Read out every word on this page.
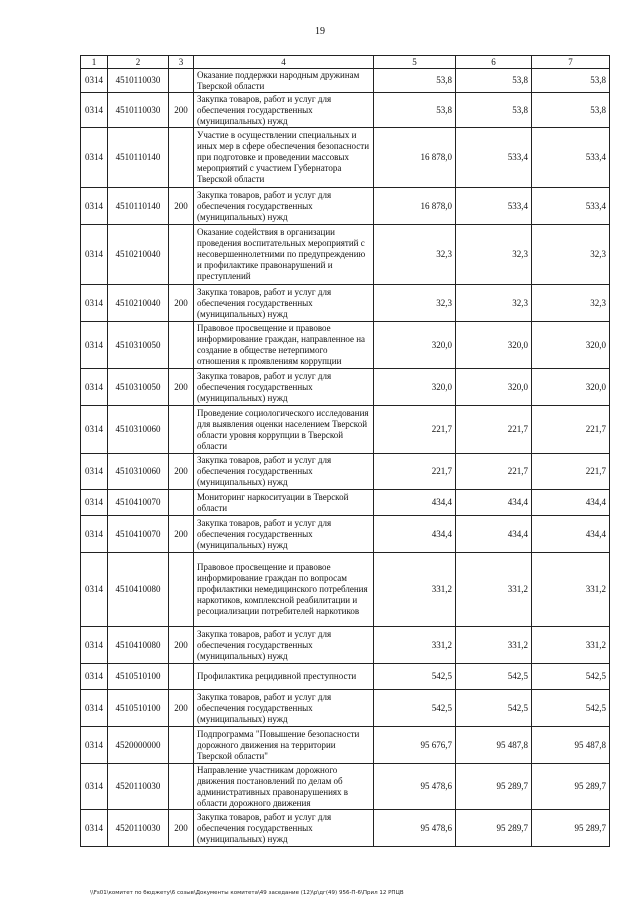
19
1	2	3	4	5	6	7
0314	4510110030		Оказание поддержки народным дружинам Тверской области	53,8	53,8	53,8
0314	4510110030	200	Закупка товаров, работ и услуг для обеспечения государственных (муниципальных) нужд	53,8	53,8	53,8
0314	4510110140		Участие в осуществлении специальных и иных мер в сфере обеспечения безопасности при подготовке и проведении массовых мероприятий с участием Губернатора Тверской области	16 878,0	533,4	533,4
0314	4510110140	200	Закупка товаров, работ и услуг для обеспечения государственных (муниципальных) нужд	16 878,0	533,4	533,4
0314	4510210040		Оказание содействия в организации проведения воспитательных мероприятий с несовершеннолетними по предупреждению и профилактике правонарушений и преступлений	32,3	32,3	32,3
0314	4510210040	200	Закупка товаров, работ и услуг для обеспечения государственных (муниципальных) нужд	32,3	32,3	32,3
0314	4510310050		Правовое просвещение и правовое информирование граждан, направленное на создание в обществе нетерпимого отношения к проявлениям коррупции	320,0	320,0	320,0
0314	4510310050	200	Закупка товаров, работ и услуг для обеспечения государственных (муниципальных) нужд	320,0	320,0	320,0
0314	4510310060		Проведение социологического исследования для выявления оценки населением Тверской области уровня коррупции в Тверской области	221,7	221,7	221,7
0314	4510310060	200	Закупка товаров, работ и услуг для обеспечения государственных (муниципальных) нужд	221,7	221,7	221,7
0314	4510410070		Мониторинг наркоситуации в Тверской области	434,4	434,4	434,4
0314	4510410070	200	Закупка товаров, работ и услуг для обеспечения государственных (муниципальных) нужд	434,4	434,4	434,4
0314	4510410080		Правовое просвещение и правовое информирование граждан по вопросам профилактики немедицинского потребления наркотиков, комплексной реабилитации и ресоциализации потребителей наркотиков	331,2	331,2	331,2
0314	4510410080	200	Закупка товаров, работ и услуг для обеспечения государственных (муниципальных) нужд	331,2	331,2	331,2
0314	4510510100		Профилактика рецидивной преступности	542,5	542,5	542,5
0314	4510510100	200	Закупка товаров, работ и услуг для обеспечения государственных (муниципальных) нужд	542,5	542,5	542,5
0314	4520000000		Подпрограмма "Повышение безопасности дорожного движения на территории Тверской области"	95 676,7	95 487,8	95 487,8
0314	4520110030		Направление участникам дорожного движения постановлений по делам об административных правонарушениях в области дорожного движения	95 478,6	95 289,7	95 289,7
0314	4520110030	200	Закупка товаров, работ и услуг для обеспечения государственных (муниципальных) нужд	95 478,6	95 289,7	95 289,7
\\Fs01\комитет по бюджету\6 созыв\Документы комитета\49 заседание (12)\p\дг(49) 956-П-6\Прил 12 РПЦВ
